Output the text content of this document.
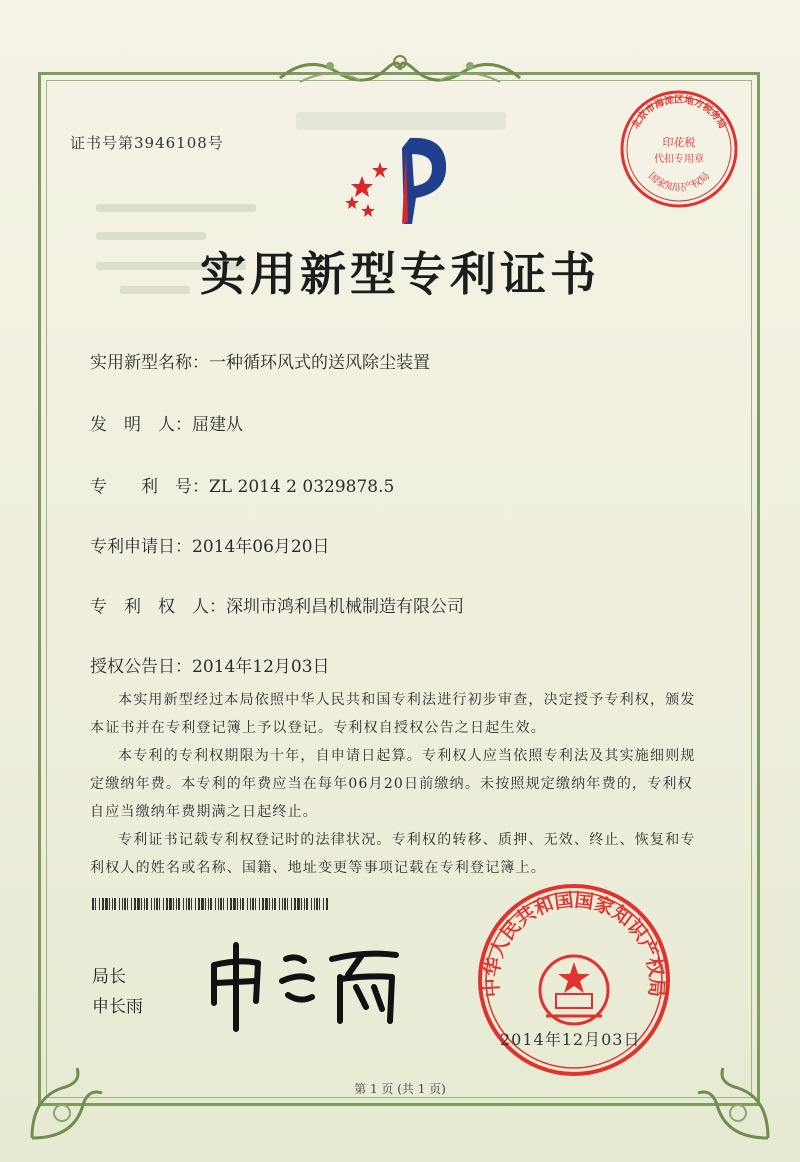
证书号第3946108号
实用新型专利证书
实用新型名称：一种循环风式的送风除尘装置
发　明　人：屈建从
专　　利　号：ZL 2014 2 0329878.5
专利申请日：2014年06月20日
专　利　权　人：深圳市鸿利昌机械制造有限公司
授权公告日：2014年12月03日

本实用新型经过本局依照中华人民共和国专利法进行初步审查，决定授予专利权，颁发本证书并在专利登记簿上予以登记。专利权自授权公告之日起生效。

本专利的专利权期限为十年，自申请日起算。专利权人应当依照专利法及其实施细则规定缴纳年费。本专利的年费应当在每年06月20日前缴纳。未按照规定缴纳年费的，专利权自应当缴纳年费期满之日起终止。

专利证书记载专利权登记时的法律状况。专利权的转移、质押、无效、终止、恢复和专利权人的姓名或名称、国籍、地址变更等事项记载在专利登记簿上。

局长
申长雨
中华人民共和国国家知识产权局
2014年12月03日
北京市海淀区地方税务局
印花税
代扣专用章
国家知识产权局
第 1 页 (共 1 页)
